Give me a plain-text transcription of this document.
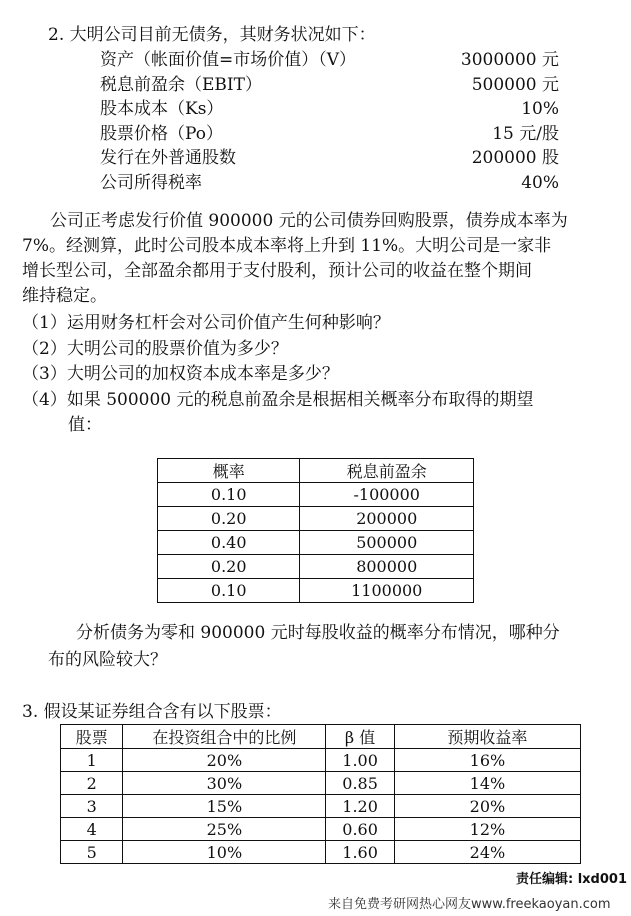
2. 大明公司目前无债务，其财务状况如下：
概率	税息前盈余
0.10	-100000
0.20	200000
0.40	500000
0.20	800000
0.10	1100000
3. 假设某证券组合含有以下股票：
股票	在投资组合中的比例	β 值	预期收益率
1	20%	1.00	16%
2	30%	0.85	14%
3	15%	1.20	20%
4	25%	0.60	12%
5	10%	1.60	24%
责任编辑: lxd001
来自免费考研网热心网友www.freekaoyan.com
资产（帐面价值=市场价值）（V）	3000000 元
税息前盈余（EBIT）	500000 元
股本成本（Ks）	10%
股票价格（Po）	15 元/股
发行在外普通股数	200000 股
公司所得税率	40%
公司正考虑发行价值 900000 元的公司债券回购股票，债券成本率为
7%。经测算，此时公司股本成本率将上升到 11%。大明公司是一家非
增长型公司，全部盈余都用于支付股利，预计公司的收益在整个期间
维持稳定。
（1）运用财务杠杆会对公司价值产生何种影响？
（2）大明公司的股票价值为多少？
（3）大明公司的加权资本成本率是多少？
（4）如果 500000 元的税息前盈余是根据相关概率分布取得的期望
值：
分析债务为零和 900000 元时每股收益的概率分布情况，哪种分
布的风险较大？
